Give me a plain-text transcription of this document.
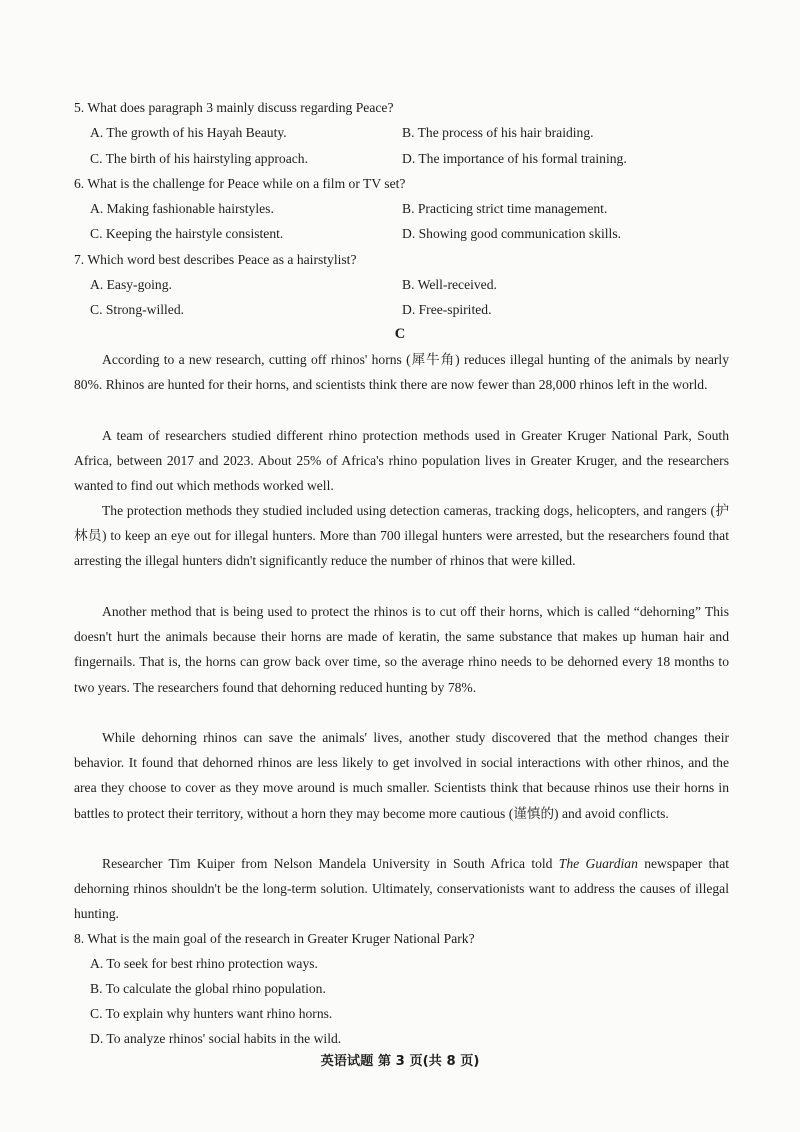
5. What does paragraph 3 mainly discuss regarding Peace?
A. The growth of his Hayah Beauty.	B. The process of his hair braiding.
C. The birth of his hairstyling approach.	D. The importance of his formal training.
6. What is the challenge for Peace while on a film or TV set?
A. Making fashionable hairstyles.	B. Practicing strict time management.
C. Keeping the hairstyle consistent.	D. Showing good communication skills.
7. Which word best describes Peace as a hairstylist?
A. Easy-going.	B. Well-received.
C. Strong-willed.	D. Free-spirited.
C
According to a new research, cutting off rhinos' horns (犀牛角) reduces illegal hunting of the animals by nearly 80%. Rhinos are hunted for their horns, and scientists think there are now fewer than 28,000 rhinos left in the world.
A team of researchers studied different rhino protection methods used in Greater Kruger National Park, South Africa, between 2017 and 2023. About 25% of Africa's rhino population lives in Greater Kruger, and the researchers wanted to find out which methods worked well.
The protection methods they studied included using detection cameras, tracking dogs, helicopters, and rangers (护林员) to keep an eye out for illegal hunters. More than 700 illegal hunters were arrested, but the researchers found that arresting the illegal hunters didn't significantly reduce the number of rhinos that were killed.
Another method that is being used to protect the rhinos is to cut off their horns, which is called “dehorning” This doesn't hurt the animals because their horns are made of keratin, the same substance that makes up human hair and fingernails. That is, the horns can grow back over time, so the average rhino needs to be dehorned every 18 months to two years. The researchers found that dehorning reduced hunting by 78%.
While dehorning rhinos can save the animals' lives, another study discovered that the method changes their behavior. It found that dehorned rhinos are less likely to get involved in social interactions with other rhinos, and the area they choose to cover as they move around is much smaller. Scientists think that because rhinos use their horns in battles to protect their territory, without a horn they may become more cautious (谨慎的) and avoid conflicts.
Researcher Tim Kuiper from Nelson Mandela University in South Africa told The Guardian newspaper that dehorning rhinos shouldn't be the long-term solution. Ultimately, conservationists want to address the causes of illegal hunting.
8. What is the main goal of the research in Greater Kruger National Park?
A. To seek for best rhino protection ways.
B. To calculate the global rhino population.
C. To explain why hunters want rhino horns.
D. To analyze rhinos' social habits in the wild.
英语试题 第 3 页(共 8 页)
